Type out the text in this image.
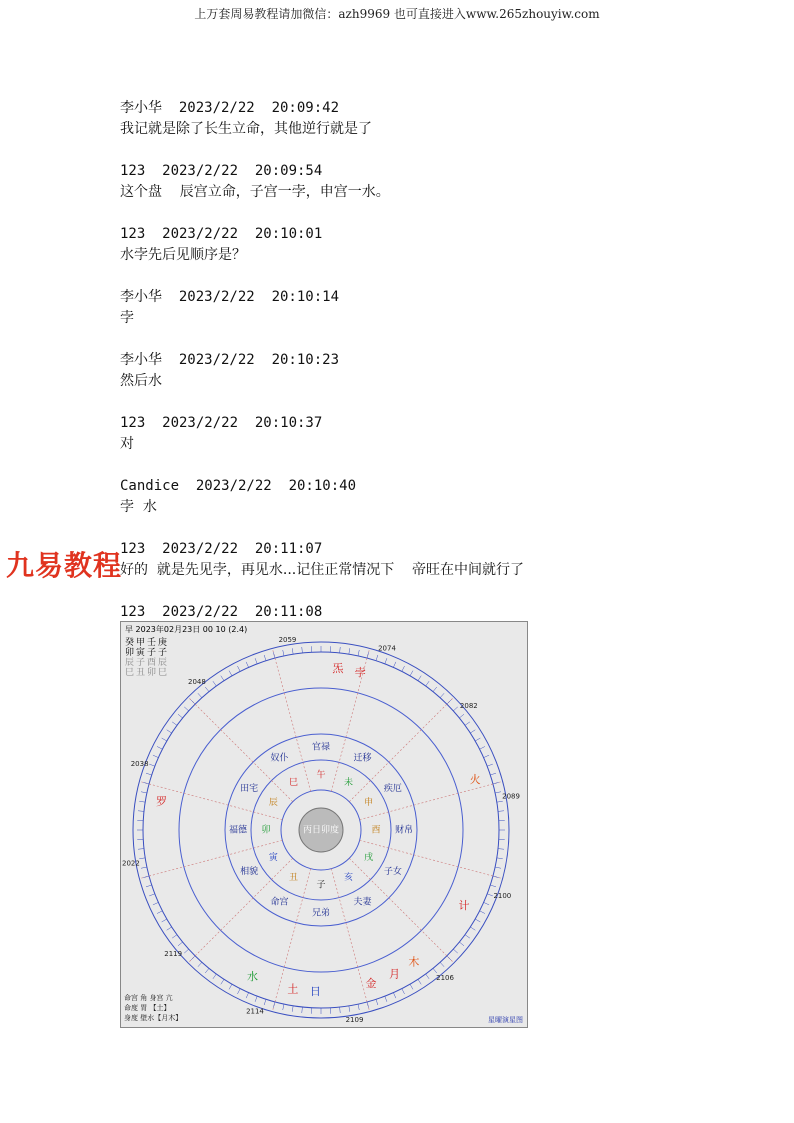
上万套周易教程请加微信：azh9969 也可直接进入www.265zhouyiw.com
李小华  2023/2/22  20:09:42
我记就是除了长生立命，其他逆行就是了
123  2023/2/22  20:09:54
这个盘    辰宫立命，子宫一孛，申宫一水。
123  2023/2/22  20:10:01
水孛先后见顺序是？
李小华  2023/2/22  20:10:14
孛
李小华  2023/2/22  20:10:23
然后水
123  2023/2/22  20:10:37
对
Candice  2023/2/22  20:10:40
孛  水
123  2023/2/22  20:11:07
好的  就是先见孛，再见水...记住正常情况下    帝旺在中间就行了
123  2023/2/22  20:11:08
九易教程
丙日卯度
官禄
迁移
疾厄
财帛
子女
夫妻
兄弟
命宫
相貌
福德
田宅
奴仆
午
未
申
酉
戌
亥
子
丑
寅
卯
辰
巳
2059
2074
2082
2089
2100
2106
2109
2114
2119
2022
2038
2048
炁 孛
火
计
木
月
金
日
土
水
罗
早 2023年02月23日 00 10 (2.4)
癸甲壬庚
卯寅子子
辰子酉辰
巳丑卯巳
命宫 角 身宫 亢
命度 胃 【土】
身度 壁水【月木】	星曜演星图
